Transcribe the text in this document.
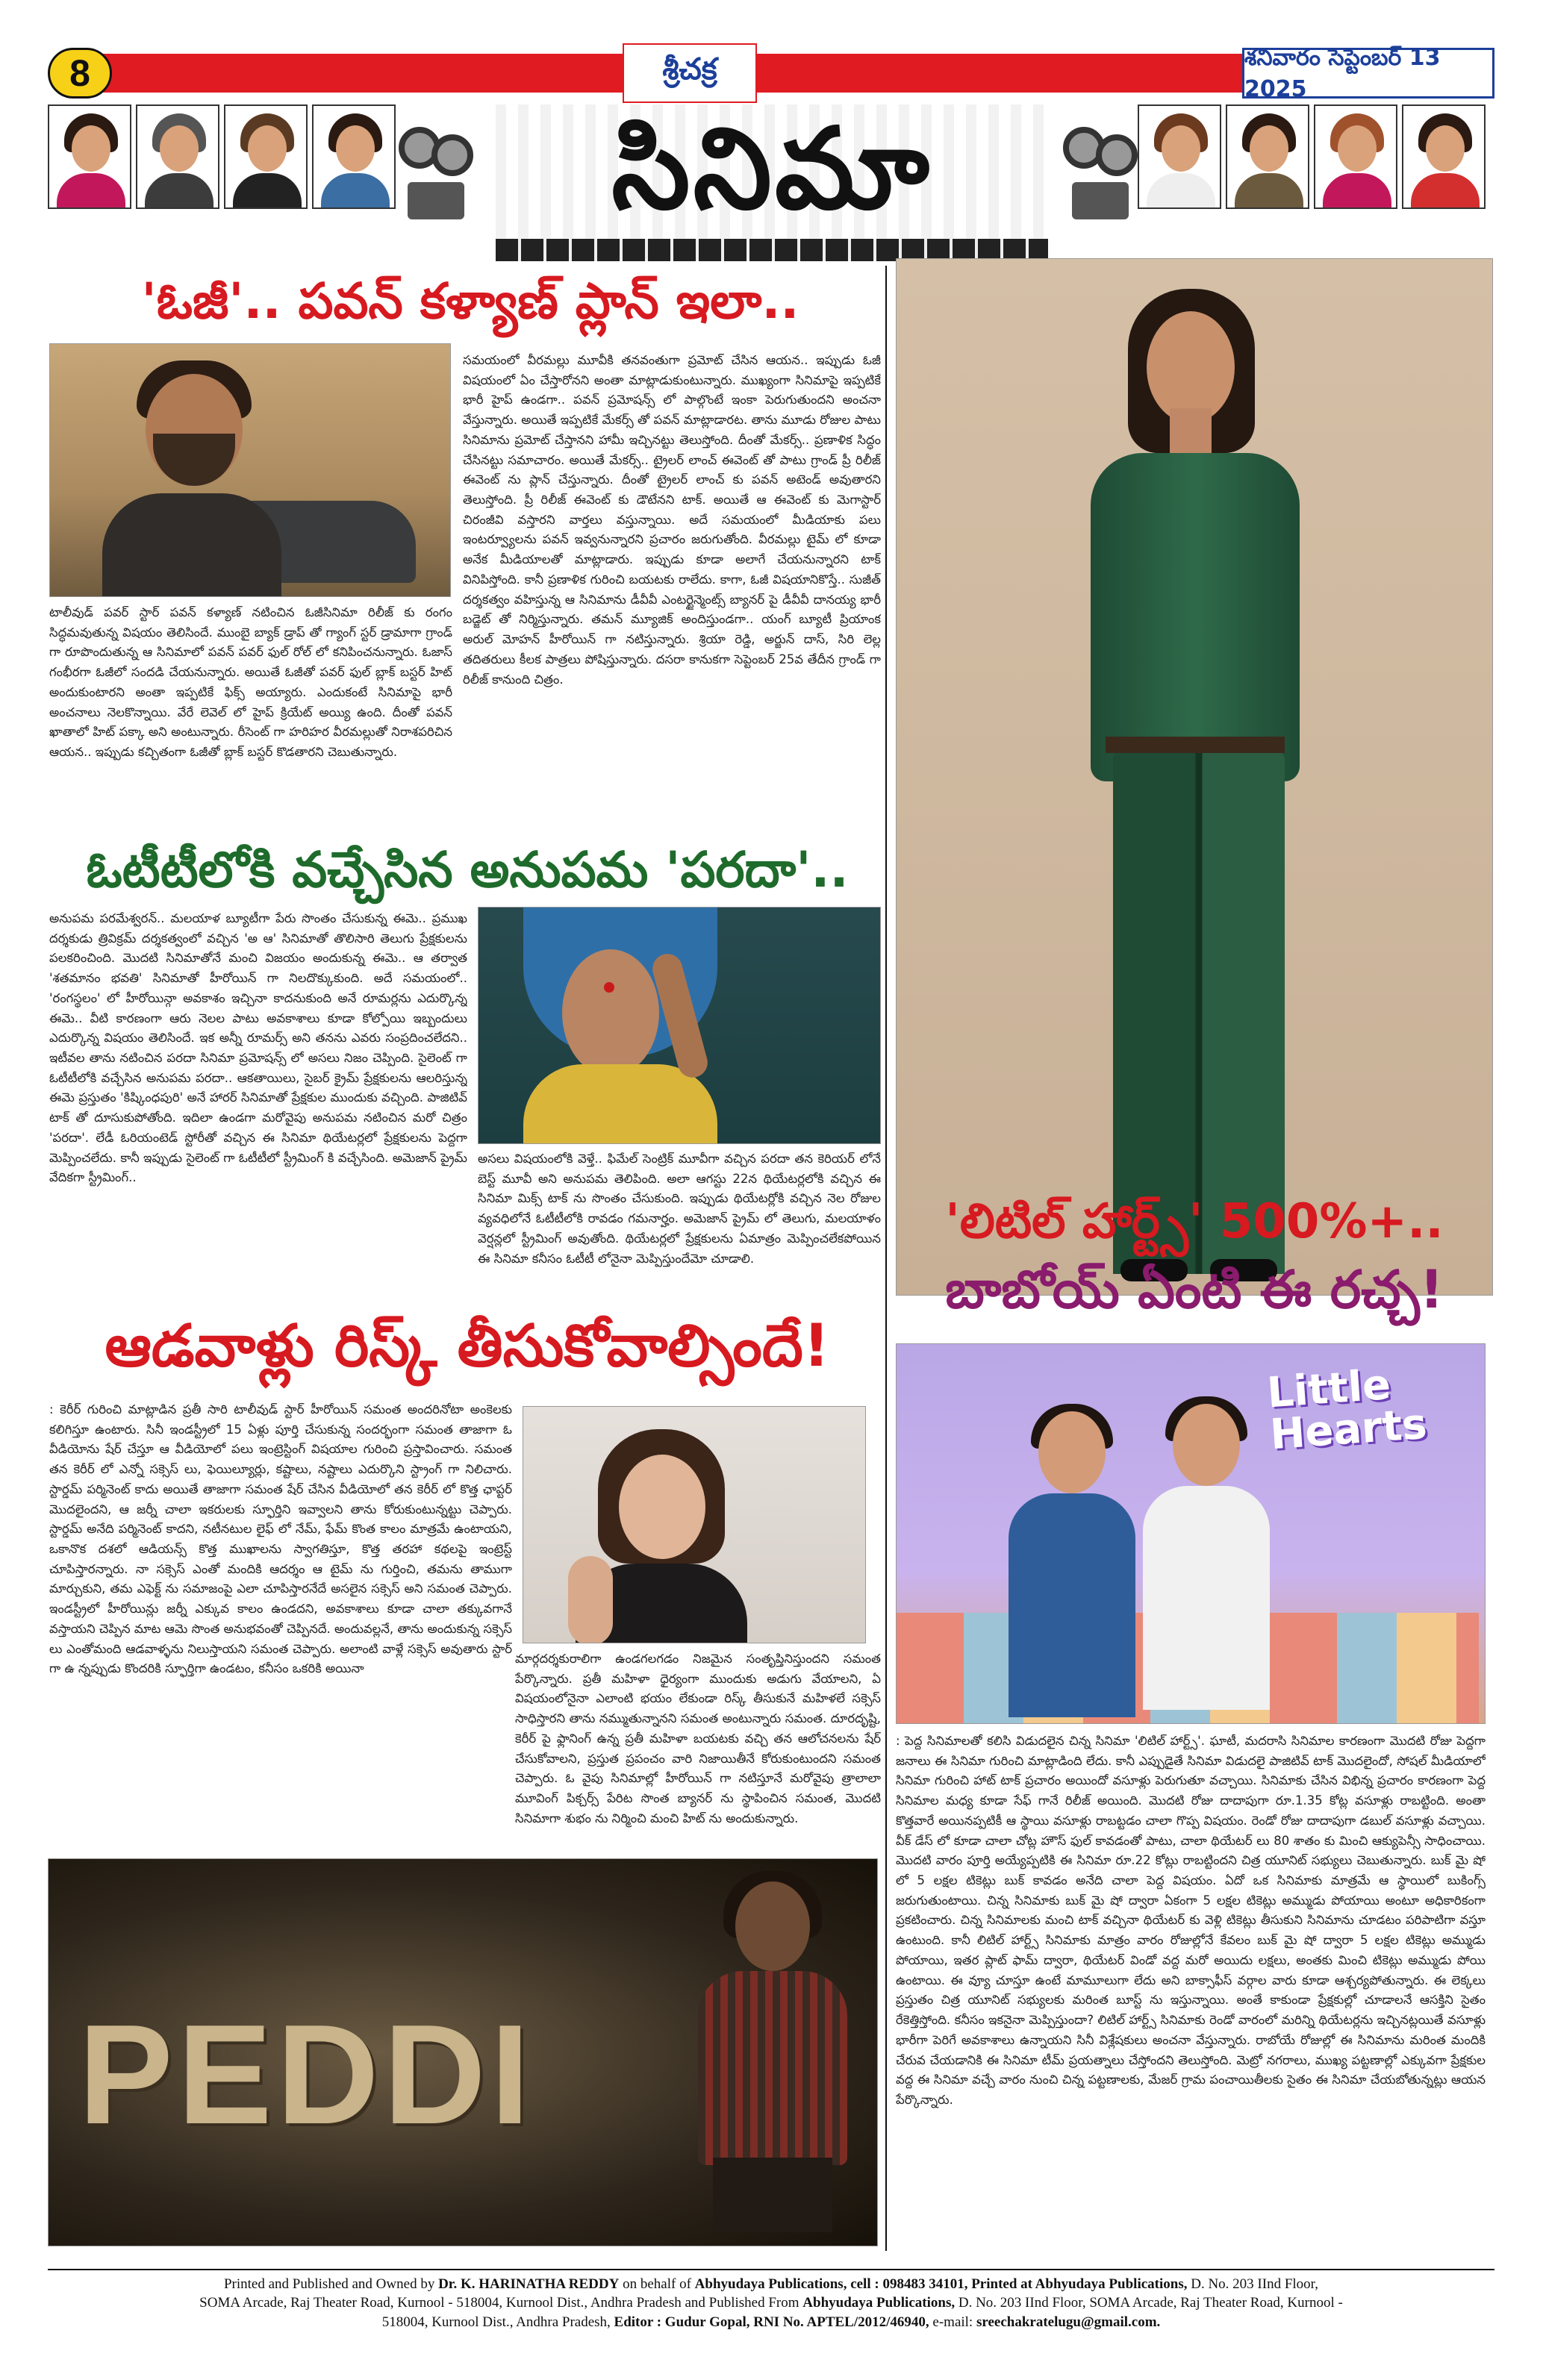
8	శ్రీచక్ర	శనివారం సెప్టెంబర్ 13 2025
సినిమా
'ఓజీ'.. పవన్ కళ్యాణ్ ప్లాన్ ఇలా..
టాలీవుడ్ పవర్ స్టార్ పవన్ కళ్యాణ్ నటించిన ఓజీసినిమా రిలీజ్ కు రంగం సిద్ధమవుతున్న విషయం తెలిసిందే. ముంబై బ్యాక్ డ్రాప్ తో గ్యాంగ్ స్టర్ డ్రామాగా గ్రాండ్ గా రూపొందుతున్న ఆ సినిమాలో పవన్ పవర్ ఫుల్ రోల్ లో కనిపించనున్నారు. ఓజాస్ గంభీరగా ఓజీలో సందడి చేయనున్నారు. అయితే ఓజీతో పవర్ ఫుల్ బ్లాక్ బస్టర్ హిట్ అందుకుంటారని అంతా ఇప్పటికే ఫిక్స్ అయ్యారు. ఎందుకంటే సినిమాపై భారీ అంచనాలు నెలకొన్నాయి. వేరే లెవెల్ లో హైప్ క్రియేట్ అయ్యి ఉంది. దీంతో పవన్ ఖాతాలో హిట్ పక్కా అని అంటున్నారు. రీసెంట్ గా హరిహర వీరమల్లుతో నిరాశపరిచిన ఆయన.. ఇప్పుడు కచ్చితంగా ఓజీతో బ్లాక్ బస్టర్ కొడతారని చెబుతున్నారు.
సమయంలో వీరమల్లు మూవీకి తనవంతుగా ప్రమోట్ చేసిన ఆయన.. ఇప్పుడు ఓజీ విషయంలో ఏం చేస్తారోనని అంతా మాట్లాడుకుంటున్నారు. ముఖ్యంగా సినిమాపై ఇప్పటికే భారీ హైప్ ఉండగా.. పవన్ ప్రమోషన్స్ లో పాల్గొంటే ఇంకా పెరుగుతుందని అంచనా వేస్తున్నారు. అయితే ఇప్పటికే మేకర్స్ తో పవన్ మాట్లాడారట. తాను మూడు రోజుల పాటు సినిమాను ప్రమోట్ చేస్తానని హామీ ఇచ్చినట్టు తెలుస్తోంది. దీంతో మేకర్స్.. ప్రణాళిక సిద్ధం చేసినట్టు సమాచారం. అయితే మేకర్స్.. ట్రైలర్ లాంచ్ ఈవెంట్ తో పాటు గ్రాండ్ ప్రీ రిలీజ్ ఈవెంట్ ను ప్లాన్ చేస్తున్నారు. దీంతో ట్రైలర్ లాంచ్ కు పవన్ అటెండ్ అవుతారని తెలుస్తోంది. ప్రీ రిలీజ్ ఈవెంట్ కు డౌటేనని టాక్. అయితే ఆ ఈవెంట్ కు మెగాస్టార్ చిరంజీవి వస్తారని వార్తలు వస్తున్నాయి. అదే సమయంలో మీడియాకు పలు ఇంటర్వ్యూలను పవన్ ఇవ్వనున్నారని ప్రచారం జరుగుతోంది. వీరమల్లు టైమ్ లో కూడా అనేక మీడియాలతో మాట్లాడారు. ఇప్పుడు కూడా అలాగే చేయనున్నారని టాక్ వినిపిస్తోంది. కానీ ప్రణాళిక గురించి బయటకు రాలేదు. కాగా, ఓజీ విషయానికొస్తే.. సుజీత్ దర్శకత్వం వహిస్తున్న ఆ సినిమాను డీవీవీ ఎంటర్టైన్మెంట్స్ బ్యానర్ పై డీవీవీ దానయ్య భారీ బడ్జెట్ తో నిర్మిస్తున్నారు. తమన్ మ్యూజిక్ అందిస్తుండగా.. యంగ్ బ్యూటీ ప్రియాంక అరుల్ మోహన్ హీరోయిన్ గా నటిస్తున్నారు. శ్రియా రెడ్డి, అర్జున్ దాస్, సిరి లెల్ల తదితరులు కీలక పాత్రలు పోషిస్తున్నారు. దసరా కానుకగా సెప్టెంబర్ 25వ తేదీన గ్రాండ్ గా రిలీజ్ కానుంది చిత్రం.
ఓటీటీలోకి వచ్చేసిన అనుపమ 'పరదా'..
అనుపమ పరమేశ్వరన్.. మలయాళ బ్యూటీగా పేరు సొంతం చేసుకున్న ఈమె.. ప్రముఖ దర్శకుడు త్రివిక్రమ్ దర్శకత్వంలో వచ్చిన 'అ ఆ' సినిమాతో తొలిసారి తెలుగు ప్రేక్షకులను పలకరించింది. మొదటి సినిమాతోనే మంచి విజయం అందుకున్న ఈమె.. ఆ తర్వాత 'శతమానం భవతి' సినిమాతో హీరోయిన్ గా నిలదొక్కుకుంది. అదే సమయంలో.. 'రంగస్థలం' లో హీరోయిన్గా అవకాశం ఇచ్చినా కాదనుకుంది అనే రూమర్లను ఎదుర్కొన్న ఈమె.. వీటి కారణంగా ఆరు నెలల పాటు అవకాశాలు కూడా కోల్పోయి ఇబ్బందులు ఎదుర్కొన్న విషయం తెలిసిందే. ఇక అన్నీ రూమర్స్ అని తనను ఎవరు సంప్రదించలేదని.. ఇటీవల తాను నటించిన పరదా సినిమా ప్రమోషన్స్ లో అసలు నిజం చెప్పింది. సైలెంట్ గా ఓటీటీలోకి వచ్చేసిన అనుపమ పరదా.. ఆకతాయిలు, సైబర్ క్రైమ్ ప్రేక్షకులను ఆలరిస్తున్న ఈమె ప్రస్తుతం 'కిష్కింధపురి' అనే హారర్ సినిమాతో ప్రేక్షకుల ముందుకు వచ్చింది. పాజిటివ్ టాక్ తో దూసుకుపోతోంది. ఇదిలా ఉండగా మరోవైపు అనుపమ నటించిన మరో చిత్రం 'పరదా'. లేడీ ఓరియంటెడ్ స్టోరీతో వచ్చిన ఈ సినిమా థియేటర్లలో ప్రేక్షకులను పెద్దగా మెప్పించలేదు. కానీ ఇప్పుడు సైలెంట్ గా ఓటీటీలో స్ట్రీమింగ్ కి వచ్చేసింది. అమెజాన్ ప్రైమ్ వేదికగా స్ట్రీమింగ్..
అసలు విషయంలోకి వెళ్తే.. ఫిమేల్ సెంట్రిక్ మూవీగా వచ్చిన పరదా తన కెరియర్ లోనే బెస్ట్ మూవీ అని అనుపమ తెలిపింది. అలా ఆగస్టు 22న థియేటర్లలోకి వచ్చిన ఈ సినిమా మిక్స్ టాక్ ను సొంతం చేసుకుంది. ఇప్పుడు థియేటర్లోకి వచ్చిన నెల రోజుల వ్యవధిలోనే ఓటీటీలోకి రావడం గమనార్హం. అమెజాన్ ప్రైమ్ లో తెలుగు, మలయాళం వెర్షన్లలో స్ట్రీమింగ్ అవుతోంది. థియేటర్లలో ప్రేక్షకులను ఏమాత్రం మెప్పించలేకపోయిన ఈ సినిమా కనీసం ఓటీటీ లోనైనా మెప్పిస్తుందేమో చూడాలి.
ఆడవాళ్లు రిస్క్ తీసుకోవాల్సిందే!
: కెరీర్ గురించి మాట్లాడిన ప్రతీ సారి టాలీవుడ్ స్టార్ హీరోయిన్ సమంత అందరినోటా అంకెలకు కలిగిస్తూ ఉంటారు. సినీ ఇండస్ట్రీలో 15 ఏళ్లు పూర్తి చేసుకున్న సందర్భంగా సమంత తాజాగా ఓ వీడియోను షేర్ చేస్తూ ఆ వీడియోలో పలు ఇంట్రెస్టింగ్ విషయాల గురించి ప్రస్తావించారు. సమంత తన కెరీర్ లో ఎన్నో సక్సెస్ లు, ఫెయిల్యూర్లు, కష్టాలు, నష్టాలు ఎదుర్కొని స్ట్రాంగ్ గా నిలిచారు. స్టార్డమ్ పర్మినెంట్ కాదు అయితే తాజాగా సమంత షేర్ చేసిన వీడియోలో తన కెరీర్ లో కొత్త ఛాప్టర్ మొదలైందని, ఆ జర్నీ చాలా ఇకరులకు స్ఫూర్తిని ఇవ్వాలని తాను కోరుకుంటున్నట్టు చెప్పారు. స్టార్డమ్ అనేది పర్మినెంట్ కాదని, నటీనటుల లైఫ్ లో నేమ్, ఫేమ్ కొంత కాలం మాత్రమే ఉంటాయని, ఒకానొక దశలో ఆడియన్స్ కొత్త ముఖాలను స్వాగతిస్తూ, కొత్త తరహా కథలపై ఇంట్రెస్ట్ చూపిస్తారన్నారు. నా సక్సెస్ ఎంతో మందికి ఆదర్శం ఆ టైమ్ ను గుర్తించి, తమను తాముగా మార్చుకుని, తమ ఎఫెక్ట్ ను సమాజంపై ఎలా చూపిస్తారనేదే అసలైన సక్సెస్ అని సమంత చెప్పారు. ఇండస్ట్రీలో హీరోయిన్లు జర్నీ ఎక్కువ కాలం ఉండదని, అవకాశాలు కూడా చాలా తక్కువగానే వస్తాయని చెప్పిన మాట ఆమె సొంత అనుభవంతో చెప్పినదే. అందువల్లనే, తాను అందుకున్న సక్సెస్ లు ఎంతోమంది ఆడవాళ్ళను నిలుస్తాయని సమంత చెప్పారు. అలాంటి వాళ్లే సక్సెస్ అవుతారు స్టార్ గా ఉ న్నప్పుడు కొందరికి స్ఫూర్తిగా ఉండటం, కనీసం ఒకరికి అయినా
మార్గదర్శకురాలిగా ఉండగలగడం నిజమైన సంతృప్తినిస్తుందని సమంత పేర్కొన్నారు. ప్రతీ మహిళా ధైర్యంగా ముందుకు అడుగు వేయాలని, ఏ విషయంలోనైనా ఎలాంటి భయం లేకుండా రిస్క్ తీసుకునే మహిళలే సక్సెస్ సాధిస్తారని తాను నమ్ముతున్నానని సమంత అంటున్నారు సమంత. దూరదృష్టి, కెరీర్ పై ఫ్లానింగ్ ఉన్న ప్రతీ మహిళా బయటకు వచ్చి తన ఆలోచనలను షేర్ చేసుకోవాలని, ప్రస్తుత ప్రపంచం వారి నిజాయితీనే కోరుకుంటుందని సమంత చెప్పారు. ఓ వైపు సినిమాల్లో హీరోయిన్ గా నటిస్తూనే మరోవైపు త్రాలాలా మూవింగ్ పిక్చర్స్ పేరిట సొంత బ్యానర్ ను స్థాపించిన సమంత, మొదటి సినిమాగా శుభం ను నిర్మించి మంచి హిట్ ను అందుకున్నారు.
'లిటిల్ హార్ట్స్' 500%+..
బాబోయ్ ఏంటి ఈ రచ్చ!
Little Hearts
: పెద్ద సినిమాలతో కలిసి విడుదలైన చిన్న సినిమా 'లిటిల్ హార్ట్స్'. ఘాటీ, మదరాసి సినిమాల కారణంగా మొదటి రోజు పెద్దగా జనాలు ఈ సినిమా గురించి మాట్లాడింది లేదు. కానీ ఎప్పుడైతే సినిమా విడుదలై పాజిటివ్ టాక్ మొదలైందో, సోషల్ మీడియాలో సినిమా గురించి హాట్ టాక్ ప్రచారం అయిందో వసూళ్లు పెరుగుతూ వచ్చాయి. సినిమాకు చేసిన విభిన్న ప్రచారం కారణంగా పెద్ద సినిమాల మధ్య కూడా సేఫ్ గానే రిలీజ్ అయింది. మొదటి రోజు దాదాపుగా రూ.1.35 కోట్ల వసూళ్లు రాబట్టింది. అంతా కొత్తవారే అయినప్పటికీ ఆ స్థాయి వసూళ్లు రాబట్టడం చాలా గొప్ప విషయం. రెండో రోజు దాదాపుగా డబుల్ వసూళ్లు వచ్చాయి. వీక్ డేస్ లో కూడా చాలా చోట్ల హౌస్ ఫుల్ కావడంతో పాటు, చాలా థియేటర్ లు 80 శాతం కు మించి ఆక్యుపెన్సీ సాధించాయి. మొదటి వారం పూర్తి అయ్యేప్పటికి ఈ సినిమా రూ.22 కోట్లు రాబట్టిందని చిత్ర యూనిట్ సభ్యులు చెబుతున్నారు. బుక్ మై షో లో 5 లక్షల టికెట్లు బుక్ కావడం అనేది చాలా పెద్ద విషయం. ఏదో ఒక సినిమాకు మాత్రమే ఆ స్థాయిలో బుకింగ్స్ జరుగుతుంటాయి. చిన్న సినిమాకు బుక్ మై షో ద్వారా ఏకంగా 5 లక్షల టికెట్లు అమ్ముడు పోయాయి అంటూ అధికారికంగా ప్రకటించారు. చిన్న సినిమాలకు మంచి టాక్ వచ్చినా థియేటర్ కు వెళ్లి టికెట్లు తీసుకుని సినిమాను చూడటం పరిపాటిగా వస్తూ ఉంటుంది. కానీ లిటిల్ హార్ట్స్ సినిమాకు మాత్రం వారం రోజుల్లోనే కేవలం బుక్ మై షో ద్వారా 5 లక్షల టికెట్లు అమ్ముడు పోయాయి, ఇతర ప్లాట్ ఫామ్ ద్వారా, థియేటర్ విండో వద్ద మరో అయిదు లక్షలు, అంతకు మించి టికెట్లు అమ్ముడు పోయి ఉంటాయి. ఈ వ్యూ చూస్తూ ఉంటే మామూలుగా లేదు అని బాక్సాఫీస్ వర్గాల వారు కూడా ఆశ్చర్యపోతున్నారు. ఈ లెక్కలు ప్రస్తుతం చిత్ర యూనిట్ సభ్యులకు మరింత బూస్ట్ ను ఇస్తున్నాయి. అంతే కాకుండా ప్రేక్షకుల్లో చూడాలనే ఆసక్తిని సైతం రేకెత్తిస్తోంది. కనీసం ఇకనైనా మెప్పిస్తుందా? లిటిల్ హార్ట్స్ సినిమాకు రెండో వారంలో మరిన్ని థియేటర్లను ఇచ్చినట్లయితే వసూళ్లు భారీగా పెరిగే అవకాశాలు ఉన్నాయని సినీ విశ్లేషకులు అంచనా వేస్తున్నారు. రాబోయే రోజుల్లో ఈ సినిమాను మరింత మందికి చేరువ చేయడానికి ఈ సినిమా టీమ్ ప్రయత్నాలు చేస్తోందని తెలుస్తోంది. మెట్రో నగరాలు, ముఖ్య పట్టణాల్లో ఎక్కువగా ప్రేక్షకుల వద్ద ఈ సినిమా వచ్చే వారం నుంచి చిన్న పట్టణాలకు, మేజర్ గ్రామ పంచాయితీలకు సైతం ఈ సినిమా చేయబోతున్నట్లు ఆయన పేర్కొన్నారు.
PEDDI
Printed and Published and Owned by Dr. K. HARINATHA REDDY on behalf of Abhyudaya Publications, cell : 098483 34101, Printed at Abhyudaya Publications, D. No. 203 IInd Floor,
SOMA Arcade, Raj Theater Road, Kurnool - 518004, Kurnool Dist., Andhra Pradesh and Published From Abhyudaya Publications, D. No. 203 IInd Floor, SOMA Arcade, Raj Theater Road, Kurnool -
518004, Kurnool Dist., Andhra Pradesh, Editor : Gudur Gopal, RNI No. APTEL/2012/46940, e-mail: sreechakratelugu@gmail.com.
